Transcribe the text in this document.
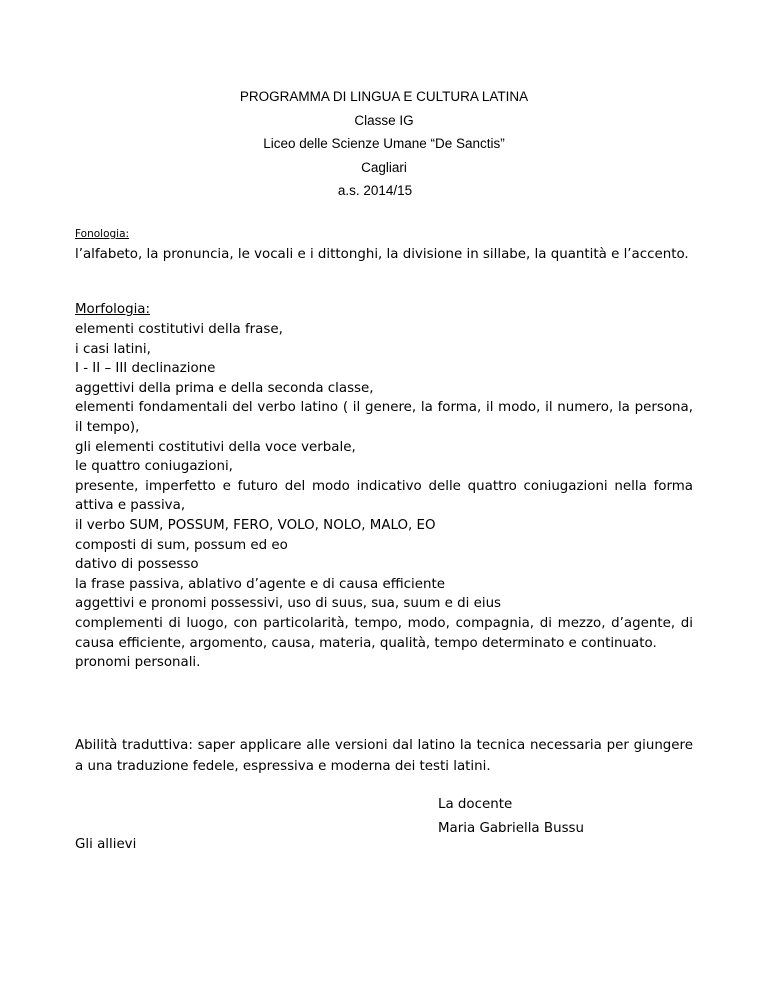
PROGRAMMA DI LINGUA E CULTURA LATINA
Classe IG
Liceo delle Scienze Umane “De Sanctis”
Cagliari
a.s. 2014/15
Fonologia:
l’alfabeto, la pronuncia, le vocali e i dittonghi, la divisione in sillabe, la quantità e l’accento.
Morfologia:
elementi costitutivi della frase,
i casi latini,
I - II – III declinazione
aggettivi della prima e della seconda classe,
elementi fondamentali del verbo latino ( il genere, la forma, il modo, il numero, la persona, il tempo),
gli elementi costitutivi della voce verbale,
le quattro coniugazioni,
presente, imperfetto e futuro del modo indicativo delle quattro coniugazioni nella forma attiva e passiva,
il verbo SUM, POSSUM, FERO, VOLO, NOLO, MALO, EO
composti di sum, possum ed eo
dativo di possesso
la frase passiva, ablativo d’agente e di causa efficiente
aggettivi e pronomi possessivi, uso di suus, sua, suum e di eius
complementi di luogo, con particolarità, tempo, modo, compagnia, di mezzo, d’agente, di causa efficiente, argomento, causa, materia, qualità, tempo determinato e continuato.
pronomi personali.
Abilità traduttiva: saper applicare alle versioni dal latino la tecnica necessaria per giungere a una traduzione fedele, espressiva e moderna dei testi latini.
La docente
Maria Gabriella Bussu
Gli allievi
